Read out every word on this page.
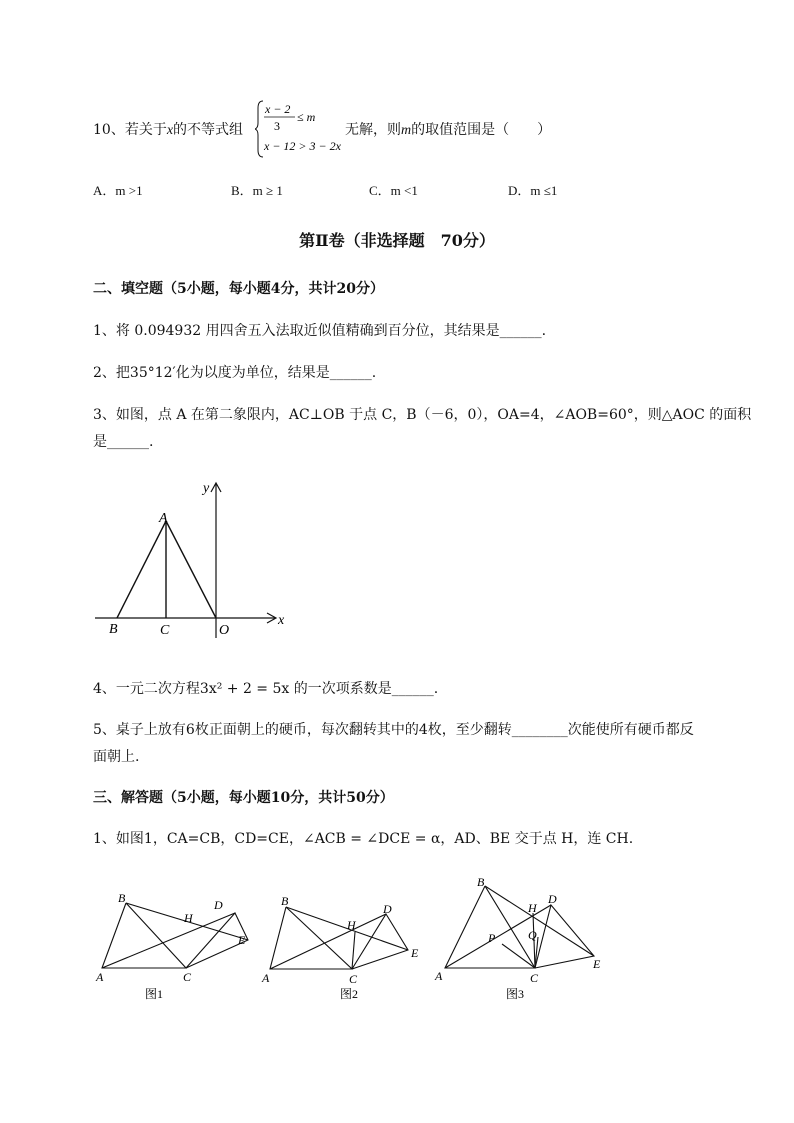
10、若关于x的不等式组
x − 2
3
≤ m
x − 12 > 3 − 2x
无解，则m的取值范围是（　　）
A．m >1	B．m ≥ 1	C．m <1	D．m ≤1
第Ⅱ卷（非选择题　70分）
二、填空题（5小题，每小题4分，共计20分）
1、将 0.094932 用四舍五入法取近似值精确到百分位，其结果是______.
2、把35°12′化为以度为单位，结果是______.
3、如图，点 A 在第二象限内，AC⊥OB 于点 C，B（－6，0），OA=4，∠AOB=60°，则△AOC 的面积
是______.
y
x
A
B	C	O
4、一元二次方程3x² + 2 = 5x 的一次项系数是______.
5、桌子上放有6枚正面朝上的硬币，每次翻转其中的4枚，至少翻转________次能使所有硬币都反
面朝上.
三、解答题（5小题，每小题10分，共计50分）
1、如图1，CA=CB，CD=CE，∠ACB = ∠DCE = α，AD、BE 交于点 H，连 CH.
B
A	C
D
E
H
图1
B
A	C
D
E
H
图2
B
A	C
D
E
H
P	Q
图3
